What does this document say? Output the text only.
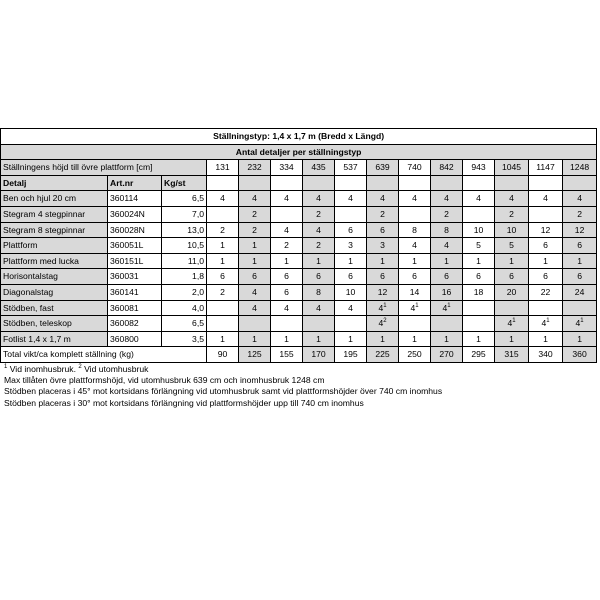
Ställningstyp: 1,4 x 1,7 m (Bredd x Längd)														
Antal detaljer per ställningstyp														
Ställningens höjd till övre plattform [cm]			131	232	334	435	537	639	740	842	943	1045	1147	1248
Detalj	Art.nr	Kg/st												
Ben och hjul 20 cm	360114	6,5	4	4	4	4	4	4	4	4	4	4	4	4
Stegram 4 stegpinnar	360024N	7,0		2		2		2		2		2		2
Stegram 8 stegpinnar	360028N	13,0	2	2	4	4	6	6	8	8	10	10	12	12
Plattform	360051L	10,5	1	1	2	2	3	3	4	4	5	5	6	6
Plattform med lucka	360151L	11,0	1	1	1	1	1	1	1	1	1	1	1	1
Horisontalstag	360031	1,8	6	6	6	6	6	6	6	6	6	6	6	6
Diagonalstag	360141	2,0	2	4	6	8	10	12	14	16	18	20	22	24
Stödben, fast	360081	4,0		4	4	4	4	$4^1$	$4^1$	$4^1$				
Stödben, teleskop	360082	6,5						$4^2$				$4^1$	$4^1$	$4^1$
Fotlist 1,4 x 1,7 m	360800	3,5	1	1	1	1	1	1	1	1	1	1	1	1
Total vikt/ca komplett ställning (kg)			90	125	155	170	195	225	250	270	295	315	340	360
$^1$ Vid inomhusbruk. $^2$ Vid utomhusbruk
Max tillåten övre plattformshöjd, vid utomhusbruk 639 cm och inomhusbruk 1248 cm
Stödben placeras i 45° mot kortsidans förlängning vid utomhusbruk samt vid plattformshöjder över 740 cm inomhus
Stödben placeras i 30° mot kortsidans förlängning vid plattformshöjder upp till 740 cm inomhus
